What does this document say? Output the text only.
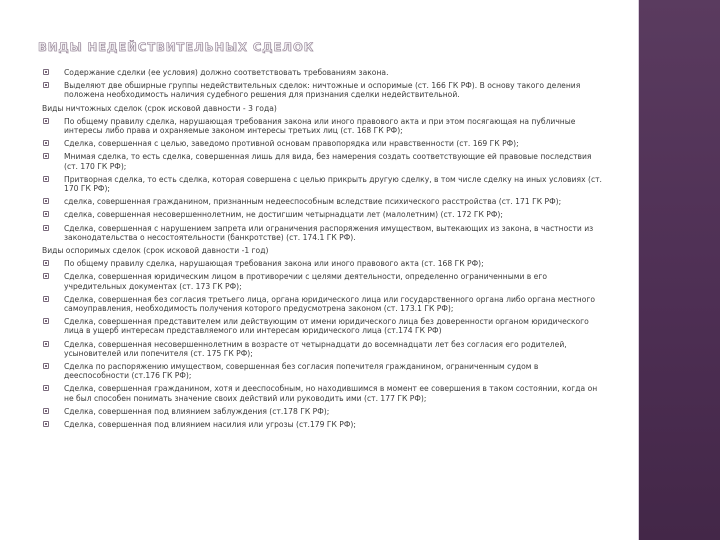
ВИДЫ НЕДЕЙСТВИТЕЛЬНЫХ СДЕЛОК
Содержание сделки (ее условия) должно соответствовать требованиям закона.
Выделяют две обширные группы недействительных сделок: ничтожные и оспоримые (ст. 166 ГК РФ). В основу такого деления положена необходимость наличия судебного решения для признания сделки недействительной.
Виды ничтожных сделок (срок исковой давности - 3 года)
По общему правилу сделка, нарушающая требования закона или иного правового акта и при этом посягающая на публичные интересы либо права и охраняемые законом интересы третьих лиц (ст. 168 ГК РФ);
Сделка, совершенная с целью, заведомо противной основам правопорядка или нравственности (ст. 169 ГК РФ);
Мнимая сделка, то есть сделка, совершенная лишь для вида, без намерения создать соответствующие ей правовые последствия (ст. 170 ГК РФ);
Притворная сделка, то есть сделка, которая совершена с целью прикрыть другую сделку, в том числе сделку на иных условиях (ст. 170 ГК РФ);
сделка, совершенная гражданином, признанным недееспособным вследствие психического расстройства (ст. 171 ГК РФ);
сделка, совершенная несовершеннолетним, не достигшим четырнадцати лет (малолетним) (ст. 172 ГК РФ);
Сделка, совершенная с нарушением запрета или ограничения распоряжения имуществом, вытекающих из закона, в частности из законодательства о несостоятельности (банкротстве) (ст. 174.1 ГК РФ).
Виды оспоримых сделок (срок исковой давности -1 год)
По общему правилу сделка, нарушающая требования закона или иного правового акта (ст. 168 ГК РФ);
Сделка, совершенная юридическим лицом в противоречии с целями деятельности, определенно ограниченными в его учредительных документах (ст. 173 ГК РФ);
Сделка, совершенная без согласия третьего лица, органа юридического лица или государственного органа либо органа местного самоуправления, необходимость получения которого предусмотрена законом (ст. 173.1 ГК РФ);
Сделка, совершенная представителем или действующим от имени юридического лица без доверенности органом юридического лица в ущерб интересам представляемого или интересам юридического лица (ст.174 ГК РФ)
Сделка, совершенная несовершеннолетним в возрасте от четырнадцати до восемнадцати лет без согласия его родителей, усыновителей или попечителя (ст. 175 ГК РФ);
Сделка по распоряжению имуществом, совершенная без согласия попечителя гражданином, ограниченным судом в дееспособности (ст.176 ГК РФ);
Сделка, совершенная гражданином, хотя и дееспособным, но находившимся в момент ее совершения в таком состоянии, когда он не был способен понимать значение своих действий или руководить ими (ст. 177 ГК РФ);
Сделка, совершенная под влиянием заблуждения (ст.178 ГК РФ);
Сделка, совершенная под влиянием насилия или угрозы (ст.179 ГК РФ);
